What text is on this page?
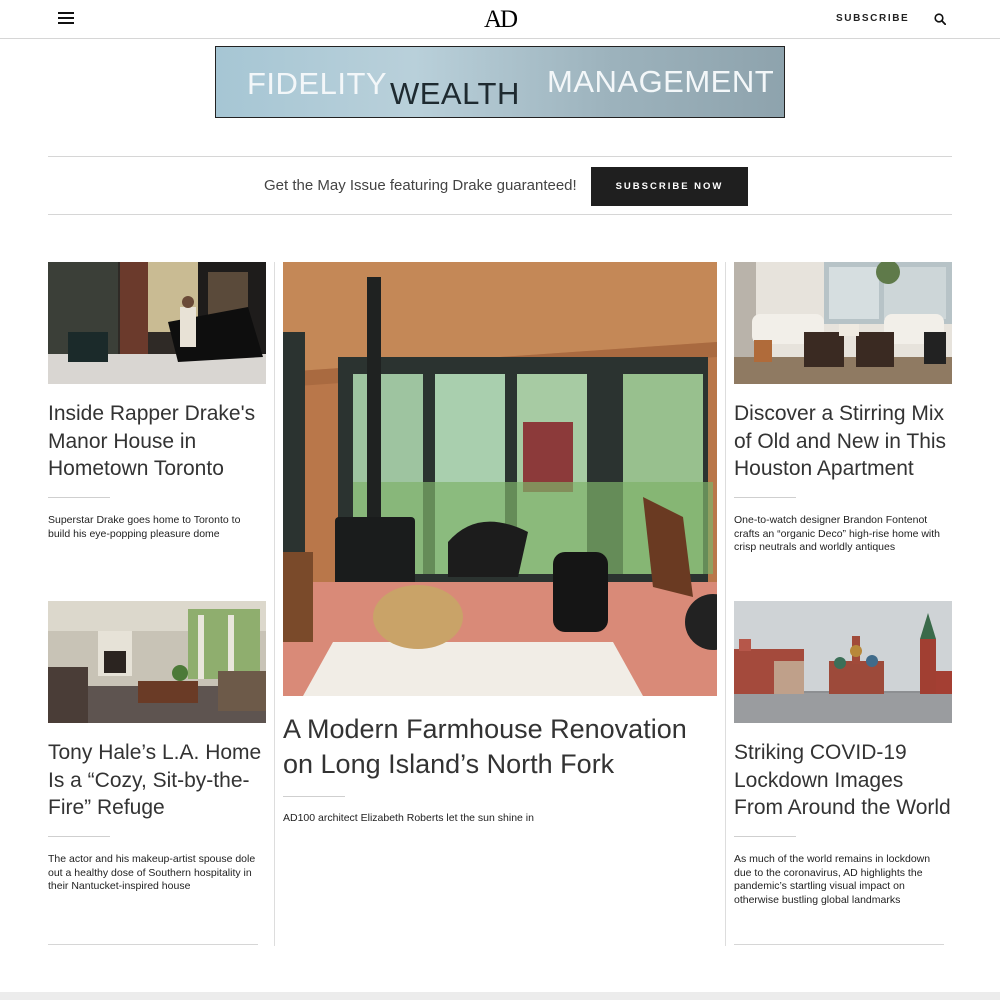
AD	SUBSCRIBE
FIDELITY WEALTH MANAGEMENT
Get the May Issue featuring Drake guaranteed!	SUBSCRIBE NOW
Inside Rapper Drake's Manor House in Hometown Toronto
Superstar Drake goes home to Toronto to build his eye-popping pleasure dome
Tony Hale’s L.A. Home Is a “Cozy, Sit-by-the-Fire” Refuge
The actor and his makeup-artist spouse dole out a healthy dose of Southern hospitality in their Nantucket-inspired house
A Modern Farmhouse Renovation on Long Island’s North Fork
AD100 architect Elizabeth Roberts let the sun shine in
Discover a Stirring Mix of Old and New in This Houston Apartment
One-to-watch designer Brandon Fontenot crafts an “organic Deco” high-rise home with crisp neutrals and worldly antiques
Striking COVID-19 Lockdown Images From Around the World
As much of the world remains in lockdown due to the coronavirus, AD highlights the pandemic’s startling visual impact on otherwise bustling global landmarks
